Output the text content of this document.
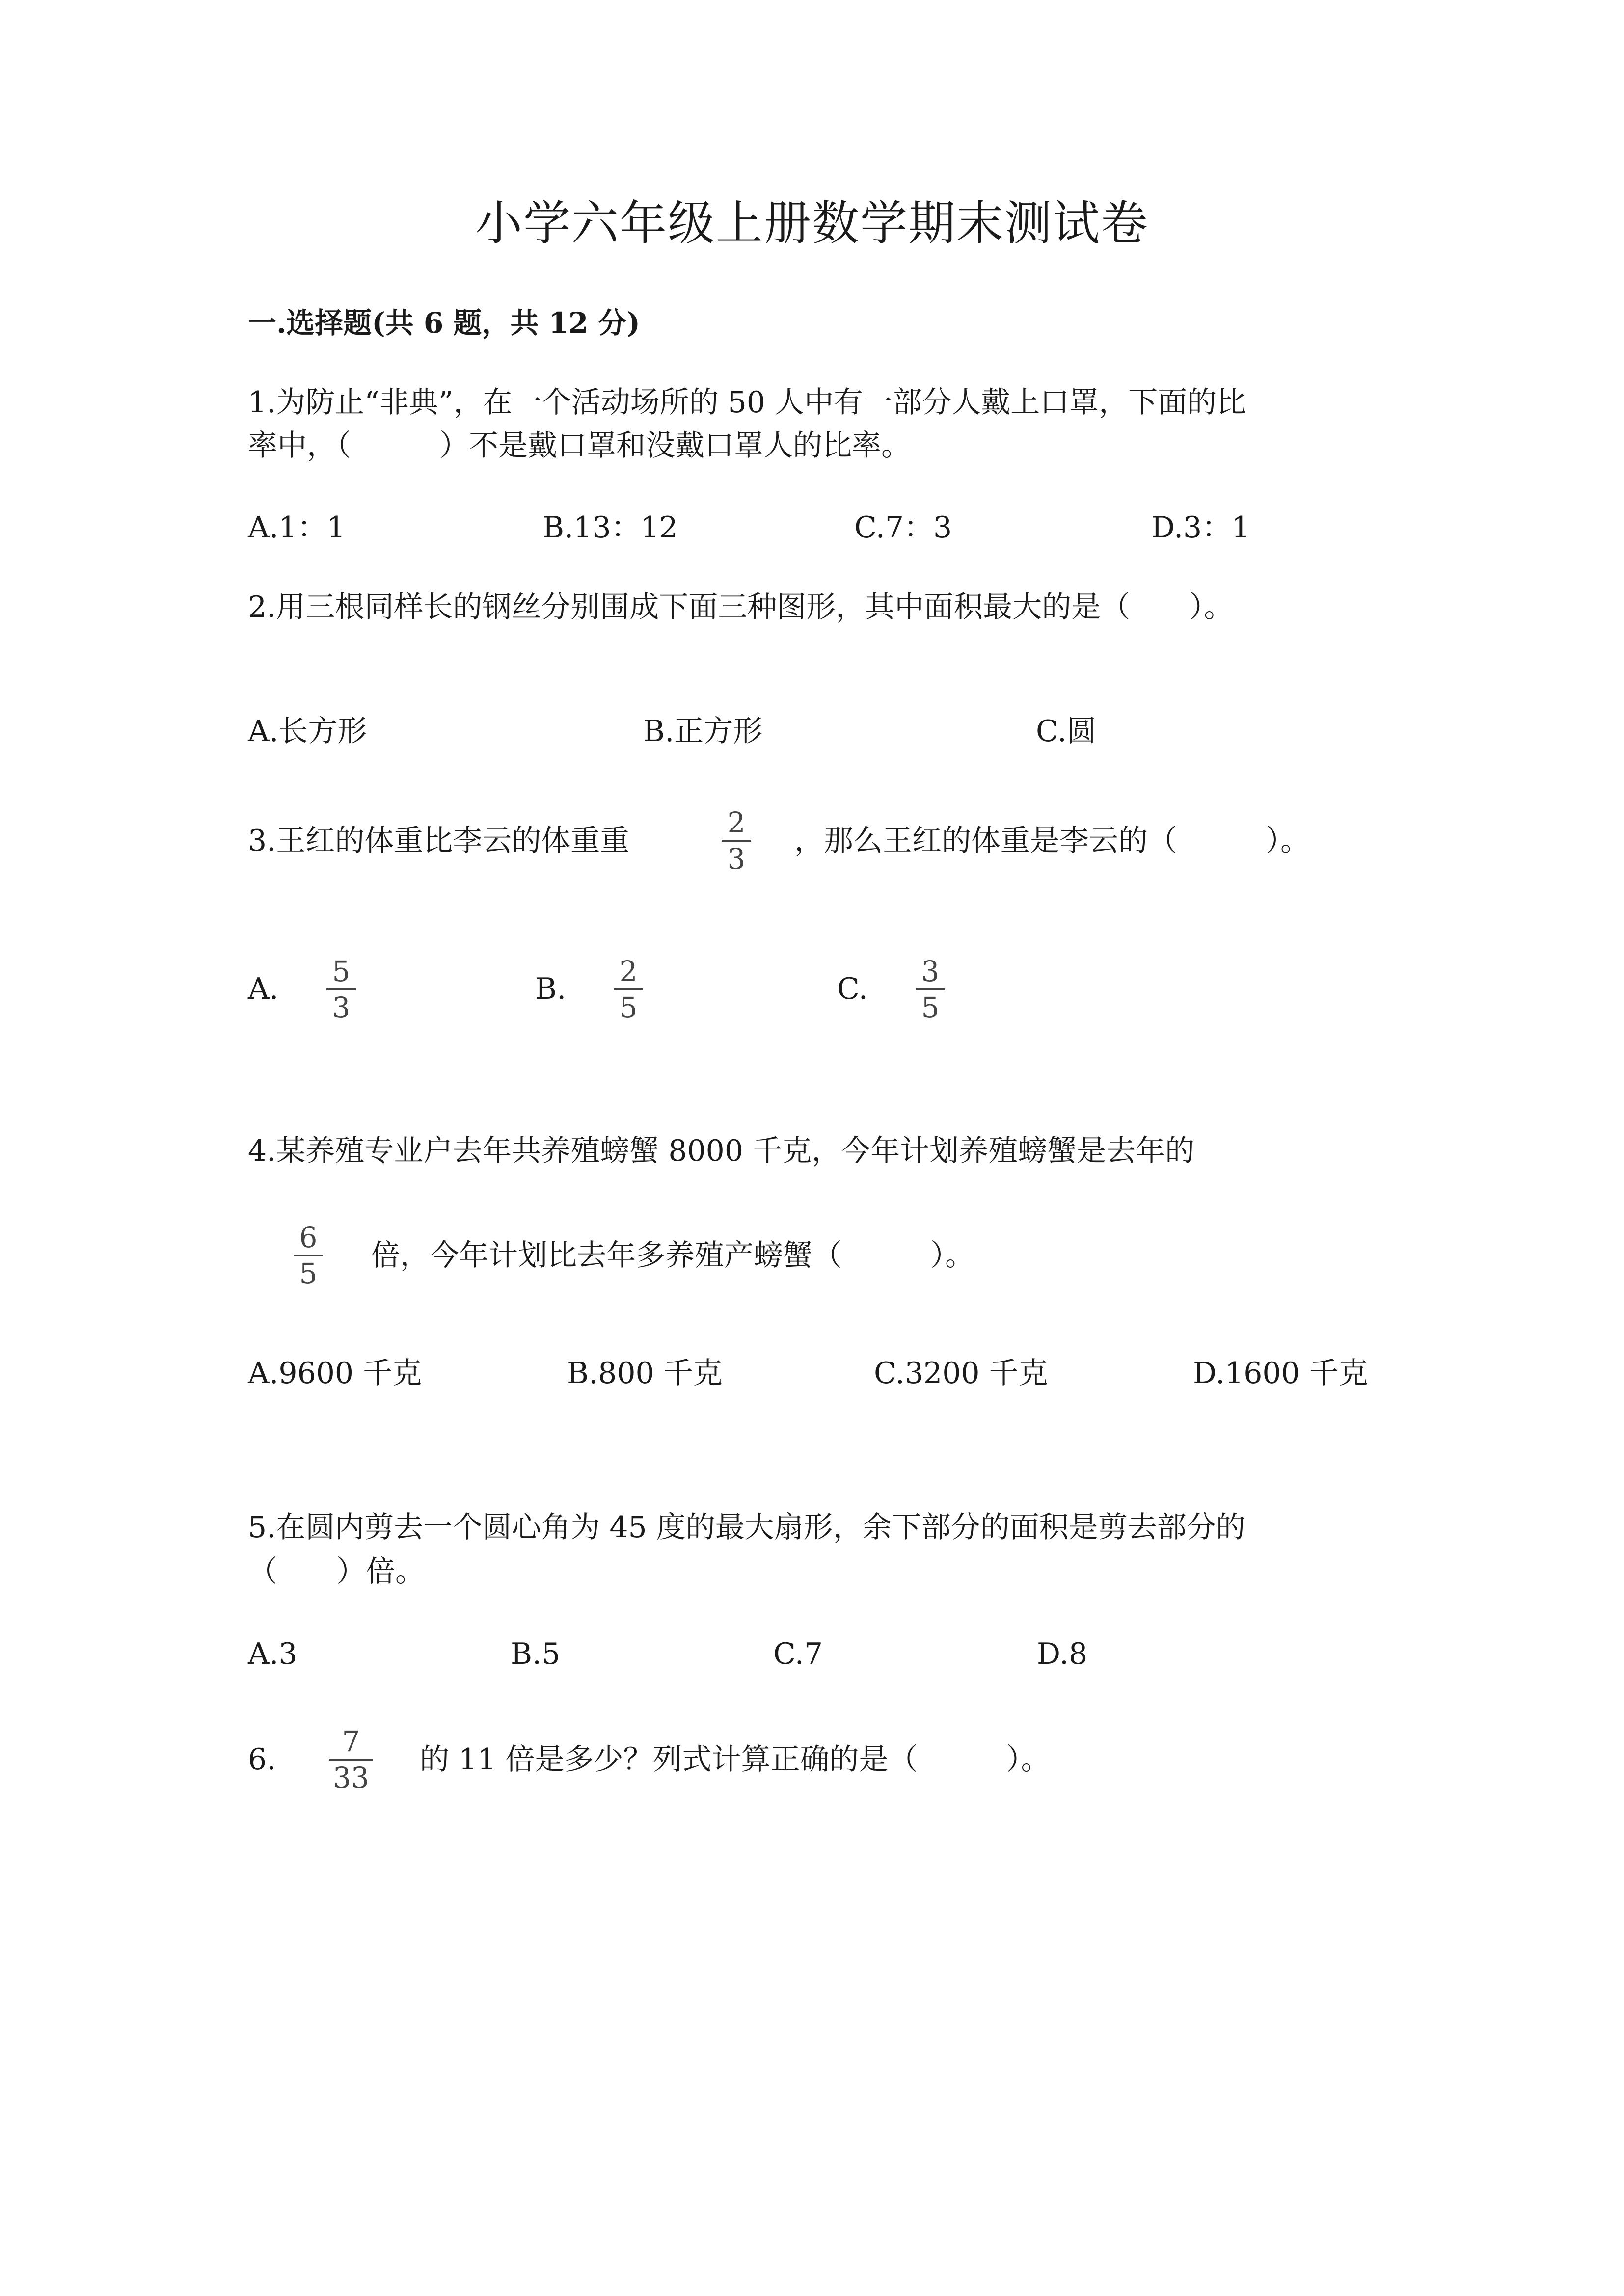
小学六年级上册数学期末测试卷
一.选择题(共 6 题，共 12 分)
1.为防止“非典”，在一个活动场所的 50 人中有一部分人戴上口罩，下面的比
率中，（　　　）不是戴口罩和没戴口罩人的比率。
A.1：1	B.13：12	C.7：3	D.3：1
2.用三根同样长的钢丝分别围成下面三种图形，其中面积最大的是（　　）。
A.长方形	B.正方形	C.圆
3.王红的体重比李云的体重重
2
3
，那么王红的体重是李云的（　　　）。
A.
5
3
B.
2
5
C.
3
5
4.某养殖专业户去年共养殖螃蟹 8000 千克，今年计划养殖螃蟹是去年的
6
5
倍，今年计划比去年多养殖产螃蟹（　　　）。
A.9600 千克	B.800 千克	C.3200 千克	D.1600 千克
5.在圆内剪去一个圆心角为 45 度的最大扇形，余下部分的面积是剪去部分的
（　　）倍。
A.3	B.5	C.7	D.8
6.
7
33
的 11 倍是多少？列式计算正确的是（　　　）。
